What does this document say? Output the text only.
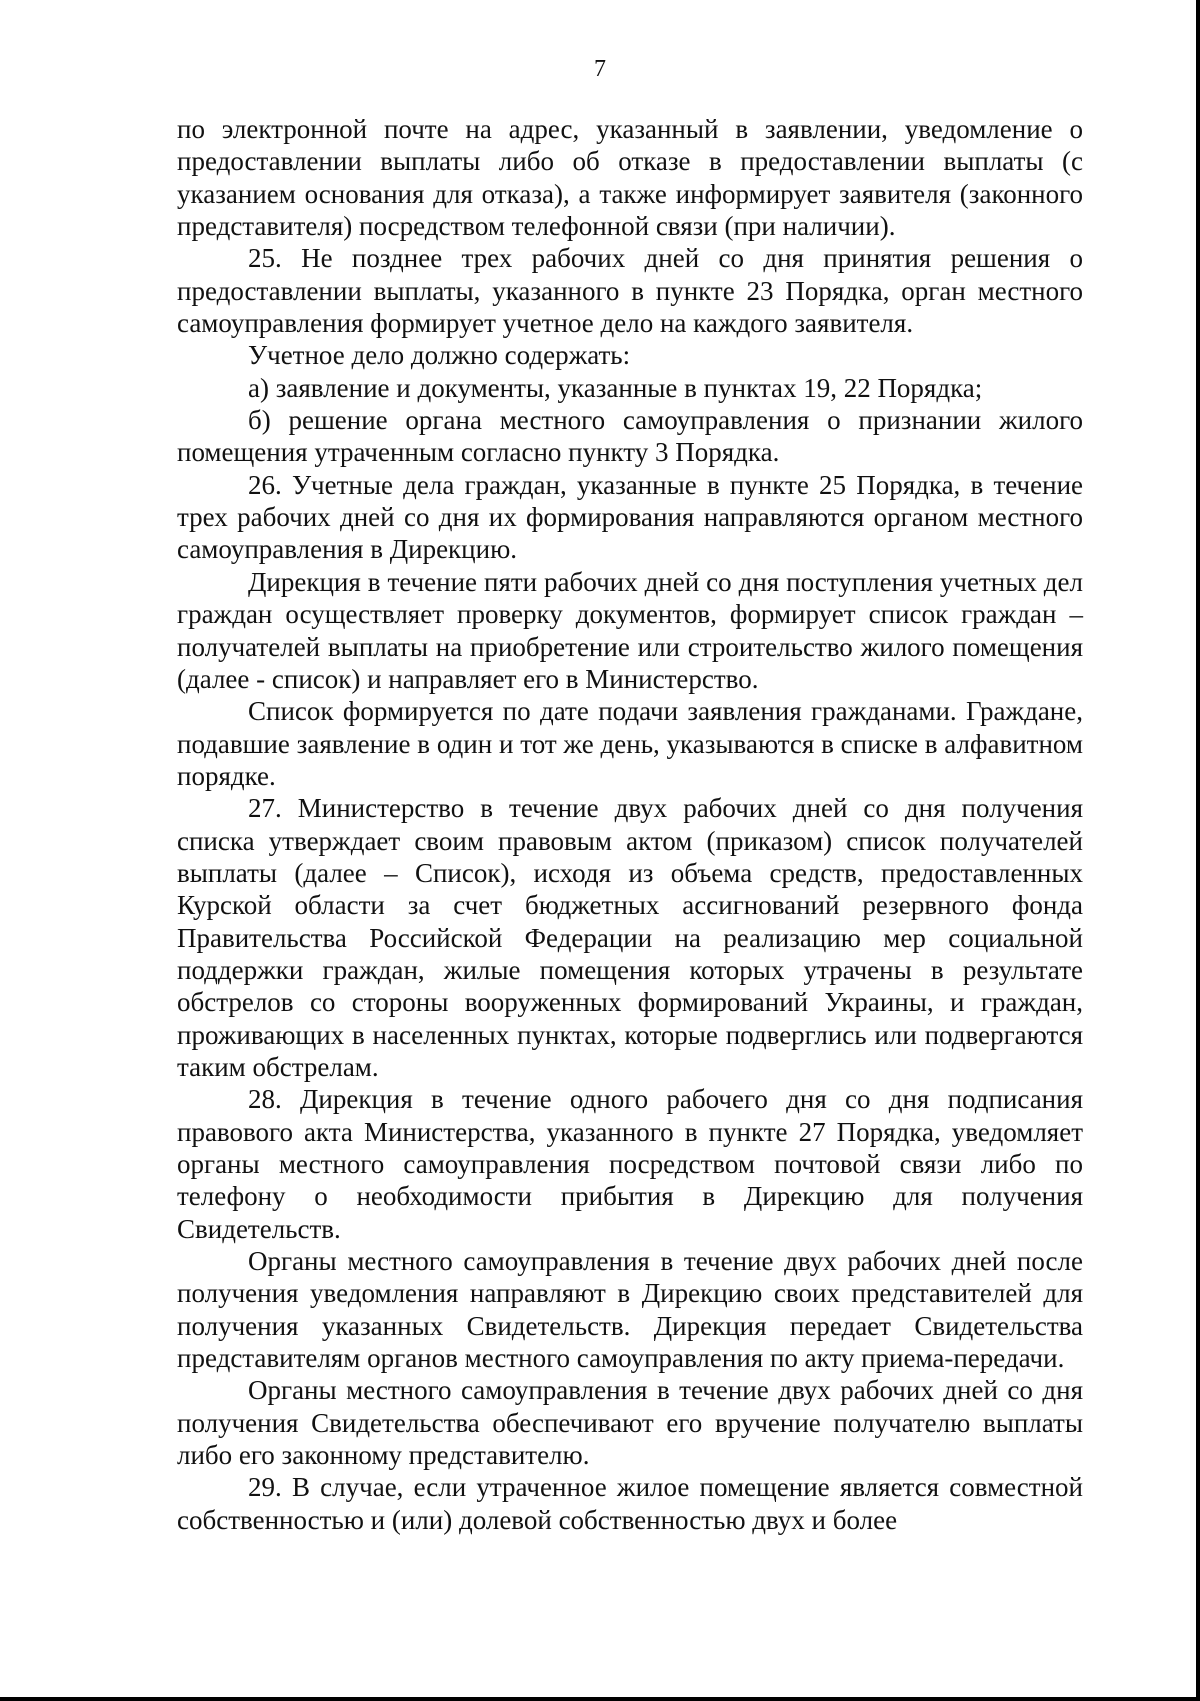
7

по электронной почте на адрес, указанный в заявлении, уведомление о предоставлении выплаты либо об отказе в предоставлении выплаты (с указанием основания для отказа), а также информирует заявителя (законного представителя) посредством телефонной связи (при наличии).

25. Не позднее трех рабочих дней со дня принятия решения о предоставлении выплаты, указанного в пункте 23 Порядка, орган местного самоуправления формирует учетное дело на каждого заявителя.

Учетное дело должно содержать:

а) заявление и документы, указанные в пунктах 19, 22 Порядка;

б) решение органа местного самоуправления о признании жилого помещения утраченным согласно пункту 3 Порядка.

26. Учетные дела граждан, указанные в пункте 25 Порядка, в течение трех рабочих дней со дня их формирования направляются органом местного самоуправления в Дирекцию.

Дирекция в течение пяти рабочих дней со дня поступления учетных дел граждан осуществляет проверку документов, формирует список граждан – получателей выплаты на приобретение или строительство жилого помещения (далее - список) и направляет его в Министерство.

Список формируется по дате подачи заявления гражданами. Граждане, подавшие заявление в один и тот же день, указываются в списке в алфавитном порядке.

27. Министерство в течение двух рабочих дней со дня получения списка утверждает своим правовым актом (приказом) список получателей выплаты (далее – Список), исходя из объема средств, предоставленных Курской области за счет бюджетных ассигнований резервного фонда Правительства Российской Федерации на реализацию мер социальной поддержки граждан, жилые помещения которых утрачены в результате обстрелов со стороны вооруженных формирований Украины, и граждан, проживающих в населенных пунктах, которые подверглись или подвергаются таким обстрелам.

28. Дирекция в течение одного рабочего дня со дня подписания правового акта Министерства, указанного в пункте 27 Порядка, уведомляет органы местного самоуправления посредством почтовой связи либо по телефону о необходимости прибытия в Дирекцию для получения Свидетельств.

Органы местного самоуправления в течение двух рабочих дней после получения уведомления направляют в Дирекцию своих представителей для получения указанных Свидетельств. Дирекция передает Свидетельства представителям органов местного самоуправления по акту приема-передачи.

Органы местного самоуправления в течение двух рабочих дней со дня получения Свидетельства обеспечивают его вручение получателю выплаты либо его законному представителю.

29. В случае, если утраченное жилое помещение является совместной собственностью и (или) долевой собственностью двух и более
